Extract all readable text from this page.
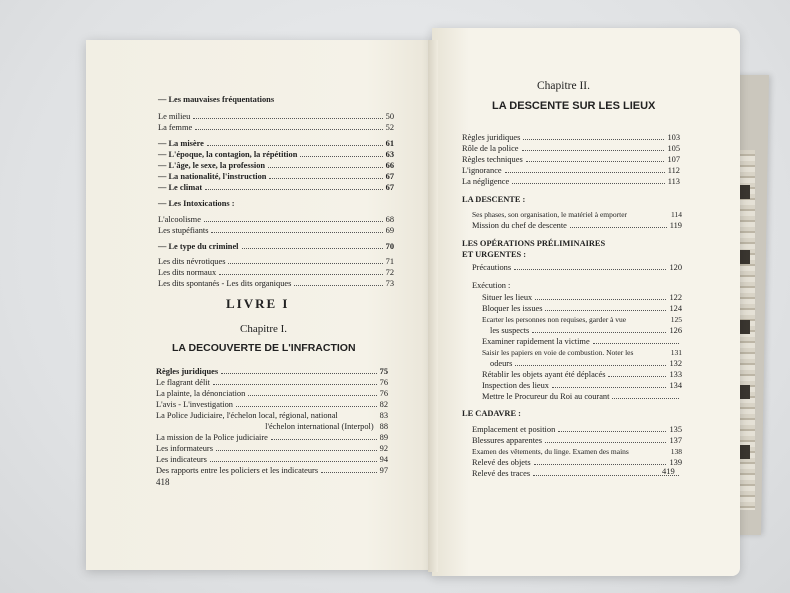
— Les mauvaises fréquentations
Le milieu	50
La femme	52
— La misère	61
— L'époque, la contagion, la répétition	63
— L'âge, le sexe, la profession	66
— La nationalité, l'instruction	67
— Le climat	67
— Les Intoxications :
L'alcoolisme	68
Les stupéfiants	69
— Le type du criminel	70
Les dits névrotiques	71
Les dits normaux	72
Les dits spontanés - Les dits organiques	73
LIVRE I
Chapitre I.
LA DECOUVERTE DE L'INFRACTION
Règles juridiques	75
Le flagrant délit	76
La plainte, la dénonciation	76
L'avis - L'investigation	82
La Police Judiciaire, l'échelon local, régional, national	83
l'échelon international (Interpol) 88
La mission de la Police judiciaire	89
Les informateurs	92
Les indicateurs	94
Des rapports entre les policiers et les indicateurs	97
418
Chapitre II.
LA DESCENTE SUR LES LIEUX
Règles juridiques	103
Rôle de la police	105
Règles techniques	107
L'ignorance	112
La négligence	113
LA DESCENTE :
Ses phases, son organisation, le matériel à emporter	114
Mission du chef de descente	119
LES OPÉRATIONS PRÉLIMINAIRES
ET URGENTES :
Précautions	120
Exécution :
Situer les lieux	122
Bloquer les issues	124
Ecarter les personnes non requises, garder à vue	125
les suspects	126
Examiner rapidement la victime
Saisir les papiers en voie de combustion. Noter les	131
odeurs	132
Rétablir les objets ayant été déplacés	133
Inspection des lieux	134
Mettre le Procureur du Roi au courant
LE CADAVRE :
Emplacement et position	135
Blessures apparentes	137
Examen des vêtements, du linge. Examen des mains	138
Relevé des objets	139
Relevé des traces	419
